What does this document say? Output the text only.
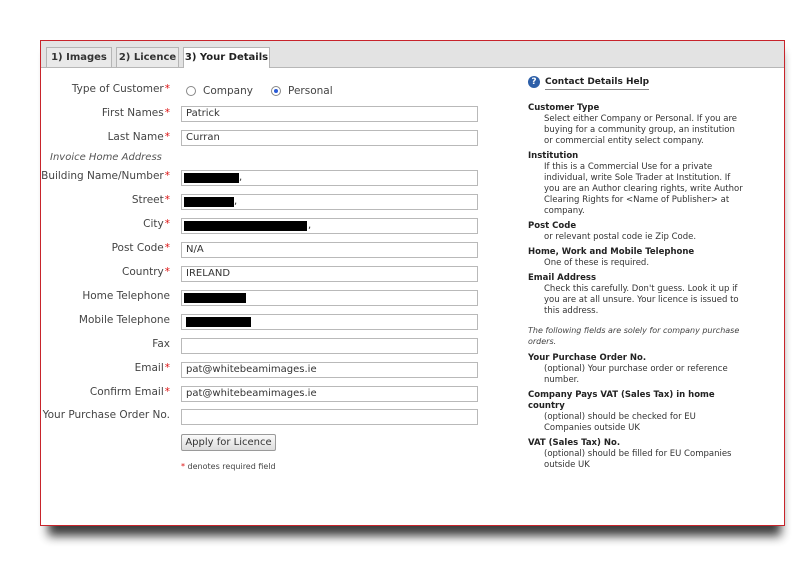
1) Images	2) Licence 3) Your Details
Type of Customer*	Company	Personal
First Names*	Patrick
Last Name*	Curran
Invoice Home Address
Building Name/Number*	,
Street*	,
City*	,
Post Code*	N/A
Country*	IRELAND
Home Telephone
Mobile Telephone
Fax
Email*	pat@whitebeamimages.ie
Confirm Email*	pat@whitebeamimages.ie
Your Purchase Order No.
Apply for Licence
* denotes required field
? Contact Details Help
Customer Type
Select either Company or Personal. If you are buying for a community group, an institution or commercial entity select company.
Institution
If this is a Commercial Use for a private individual, write Sole Trader at Institution. If you are an Author clearing rights, write Author Clearing Rights for <Name of Publisher> at company.
Post Code
or relevant postal code ie Zip Code.
Home, Work and Mobile Telephone
One of these is required.
Email Address
Check this carefully. Don't guess. Look it up if you are at all unsure. Your licence is issued to this address.
The following fields are solely for company purchase orders.
Your Purchase Order No.
(optional) Your purchase order or reference number.
Company Pays VAT (Sales Tax) in home country
(optional) should be checked for EU Companies outside UK
VAT (Sales Tax) No.
(optional) should be filled for EU Companies outside UK
